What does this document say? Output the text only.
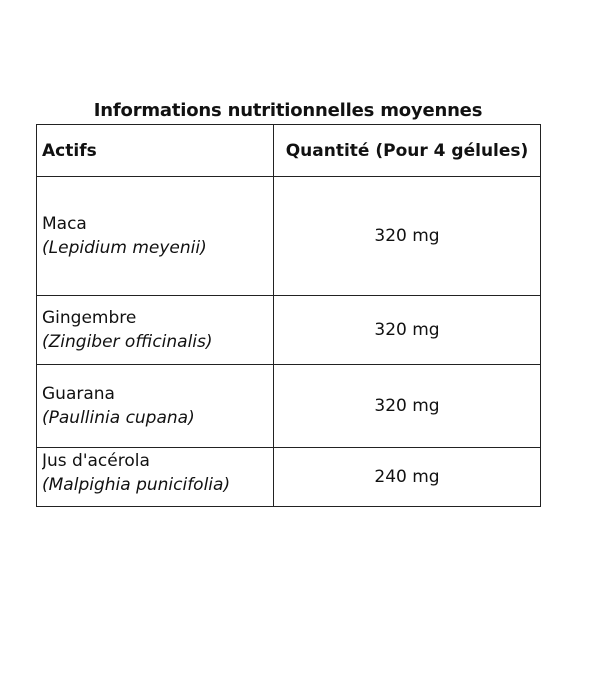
Informations nutritionnelles moyennes
Actifs	Quantité (Pour 4 gélules)

Maca
(Lepidium meyenii)	320 mg

Gingembre
(Zingiber officinalis)	320 mg

Guarana
(Paullinia cupana)	320 mg

Jus d'acérola
(Malpighia punicifolia)	240 mg
